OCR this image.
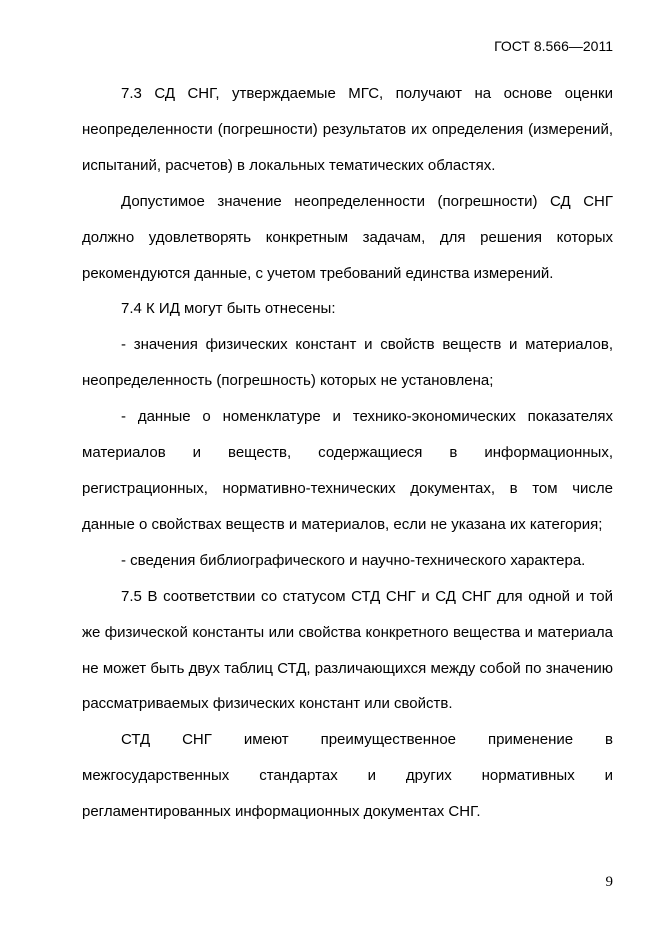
ГОСТ 8.566—2011

7.3 СД СНГ, утверждаемые МГС, получают на основе оценки неопределенности (погрешности) результатов их определения (измерений, испытаний, расчетов) в локальных тематических областях.

Допустимое значение неопределенности (погрешности) СД СНГ должно удовлетворять конкретным задачам, для решения которых рекомендуются данные, с учетом требований единства измерений.

7.4 К ИД могут быть отнесены:

- значения физических констант и свойств веществ и материалов, неопределенность (погрешность) которых не установлена;

- данные о номенклатуре и технико-экономических показателях материалов и веществ, содержащиеся в информационных, регистрационных, нормативно-технических документах, в том числе данные о свойствах веществ и материалов, если не указана их категория;

- сведения библиографического и научно-технического характера.

7.5 В соответствии со статусом СТД СНГ и СД СНГ для одной и той же физической константы или свойства конкретного вещества и материала не может быть двух таблиц СТД, различающихся между собой по значению рассматриваемых физических констант или свойств.

СТД СНГ имеют преимущественное применение в межгосударственных стандартах и других нормативных и регламентированных информационных документах СНГ.

9
